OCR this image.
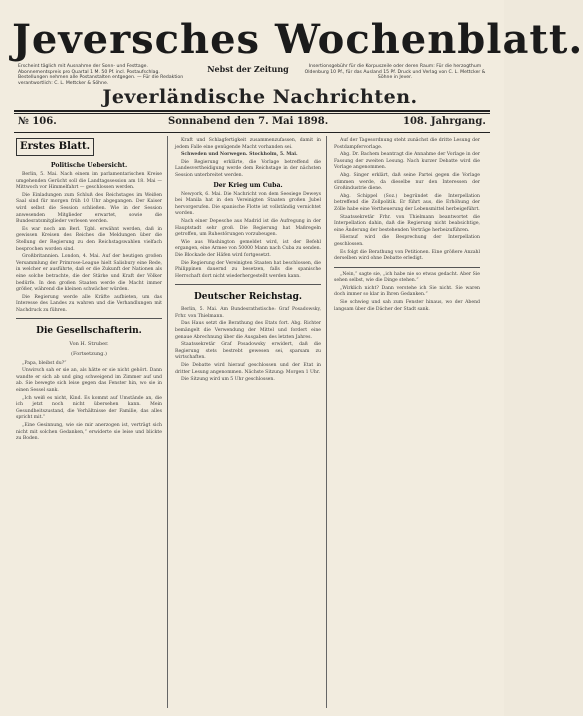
Jeversches Wochenblatt.
Erscheint täglich mit Ausnahme der Sonn- und Festtage. Abonnementspreis pro Quartal 1 M. 50 Pf. incl. Postaufschlag. Bestellungen nehmen alle Postanstalten entgegen. — Für die Redaktion verantwortlich: C. L. Mettcker & Söhne.
Nebst der Zeitung	Insertionsgebühr für die Korpuszeile oder deren Raum: Für die herzogthum Oldenburg 10 Pf., für das Ausland 15 Pf. Druck und Verlag von C. L. Mettcker & Söhne in Jever.
Jeverländische Nachrichten.
№ 106.	Sonnabend den 7. Mai 1898.	108. Jahrgang.
Erstes Blatt.
Politische Uebersicht.

Berlin, 5. Mai. Nach einem im parlamentarischen Kreise umgehenden Gerücht soll die Landtagssession am 18. Mai — Mittwoch vor Himmelfahrt — geschlossen werden.

Die Einladungen zum Schluß des Reichstages im Weißen Saal sind für morgen früh 10 Uhr abgegangen. Der Kaiser wird selbst die Session schließen. Wie in der Session anwesenden Mitglieder erwartet, sowie die Bundesratsmitglieder verlesen werden.

Es war noch am Berl. Tgbl. erwähnt werden, daß in gewissen Kreisen des Reiches die Meldungen über die Stellung der Regierung zu den Reichstagswahlen vielfach besprochen worden sind.

Großbritannien. London, 4. Mai. Auf der heutigen großen Versammlung der Primrose-League hielt Salisbury eine Rede, in welcher er ausführte, daß er die Zukunft der Nationen als eine solche betrachte, die der Stärke und Kraft der Völker bedürfe. In den großen Staaten werde die Macht immer größer, während die kleinen schwächer würden.

Die Regierung werde alle Kräfte aufbieten, um das Interesse des Landes zu wahren und die Verhandlungen mit Nachdruck zu führen.

Die Gesellschafterin.
Von H. Struber.
(Fortsetzung.)

„Papa, bleibst du?“

Unwirsch sah er sie an, als hätte er sie nicht gehört. Dann wandte er sich ab und ging schweigend im Zimmer auf und ab. Sie bewegte sich leise gegen das Fenster hin, wo sie in einen Sessel sank.

„Ich weiß es nicht, Kind. Es kommt auf Umstände an, die ich jetzt noch nicht übersehen kann. Mein Gesundheitszustand, die Verhältnisse der Familie, das alles spricht mit.“

„Eine Gesinnung, wie sie mir anerzogen ist, verträgt sich nicht mit solchen Gedanken,“ erwiderte sie leise und blickte zu Boden.

Kraft und Schlagfertigkeit zusammenzufassen, damit in jedem Falle eine genügende Macht vorhanden sei.

Schweden und Norwegen. Stockholm, 5. Mai.

Die Regierung erklärte, die Vorlage betreffend die Landesvertheidigung werde dem Reichstage in der nächsten Session unterbreitet werden.

Der Krieg um Cuba.

Newyork, 6. Mai. Die Nachricht von dem Seesiege Deweys bei Manila hat in den Vereinigten Staaten großen Jubel hervorgerufen. Die spanische Flotte ist vollständig vernichtet worden.

Nach einer Depesche aus Madrid ist die Aufregung in der Hauptstadt sehr groß. Die Regierung hat Maßregeln getroffen, um Ruhestörungen vorzubeugen.

Wie aus Washington gemeldet wird, ist der Befehl ergangen, eine Armee von 50000 Mann nach Cuba zu senden. Die Blockade der Häfen wird fortgesetzt.

Die Regierung der Vereinigten Staaten hat beschlossen, die Philippinen dauernd zu besetzen, falls die spanische Herrschaft dort nicht wiederhergestellt werden kann.

Deutscher Reichstag.

Berlin, 5. Mai. Am Bundesrathstische: Graf Posadowsky, Frhr. von Thielmann.

Das Haus setzt die Berathung des Etats fort. Abg. Richter bemängelt die Verwendung der Mittel und fordert eine genaue Abrechnung über die Ausgaben des letzten Jahres.

Staatssekretär Graf Posadowsky erwidert, daß die Regierung stets bestrebt gewesen sei, sparsam zu wirtschaften.

Die Debatte wird hierauf geschlossen und der Etat in dritter Lesung angenommen. Nächste Sitzung: Morgen 1 Uhr.

Die Sitzung wird um 5 Uhr geschlossen.

Auf der Tagesordnung steht zunächst die dritte Lesung der Postdampfervorlage.

Abg. Dr. Bachem beantragt die Annahme der Vorlage in der Fassung der zweiten Lesung. Nach kurzer Debatte wird die Vorlage angenommen.

Abg. Singer erklärt, daß seine Partei gegen die Vorlage stimmen werde, da dieselbe nur den Interessen der Großindustrie diene.

Abg. Schippel (Soz.) begründet die Interpellation betreffend die Zollpolitik. Er führt aus, die Erhöhung der Zölle habe eine Vertheuerung der Lebensmittel herbeigeführt.

Staatssekretär Frhr. von Thielmann beantwortet die Interpellation dahin, daß die Regierung nicht beabsichtige, eine Änderung der bestehenden Verträge herbeizuführen.

Hierauf wird die Besprechung der Interpellation geschlossen.

Es folgt die Berathung von Petitionen. Eine größere Anzahl derselben wird ohne Debatte erledigt.

„Nein,“ sagte sie, „ich habe nie so etwas gedacht. Aber Sie sehen selbst, wie die Dinge stehen.“

„Wirklich nicht? Dann verstehe ich Sie nicht. Sie waren doch immer so klar in Ihren Gedanken.“

Sie schwieg und sah zum Fenster hinaus, wo der Abend langsam über die Dächer der Stadt sank.
